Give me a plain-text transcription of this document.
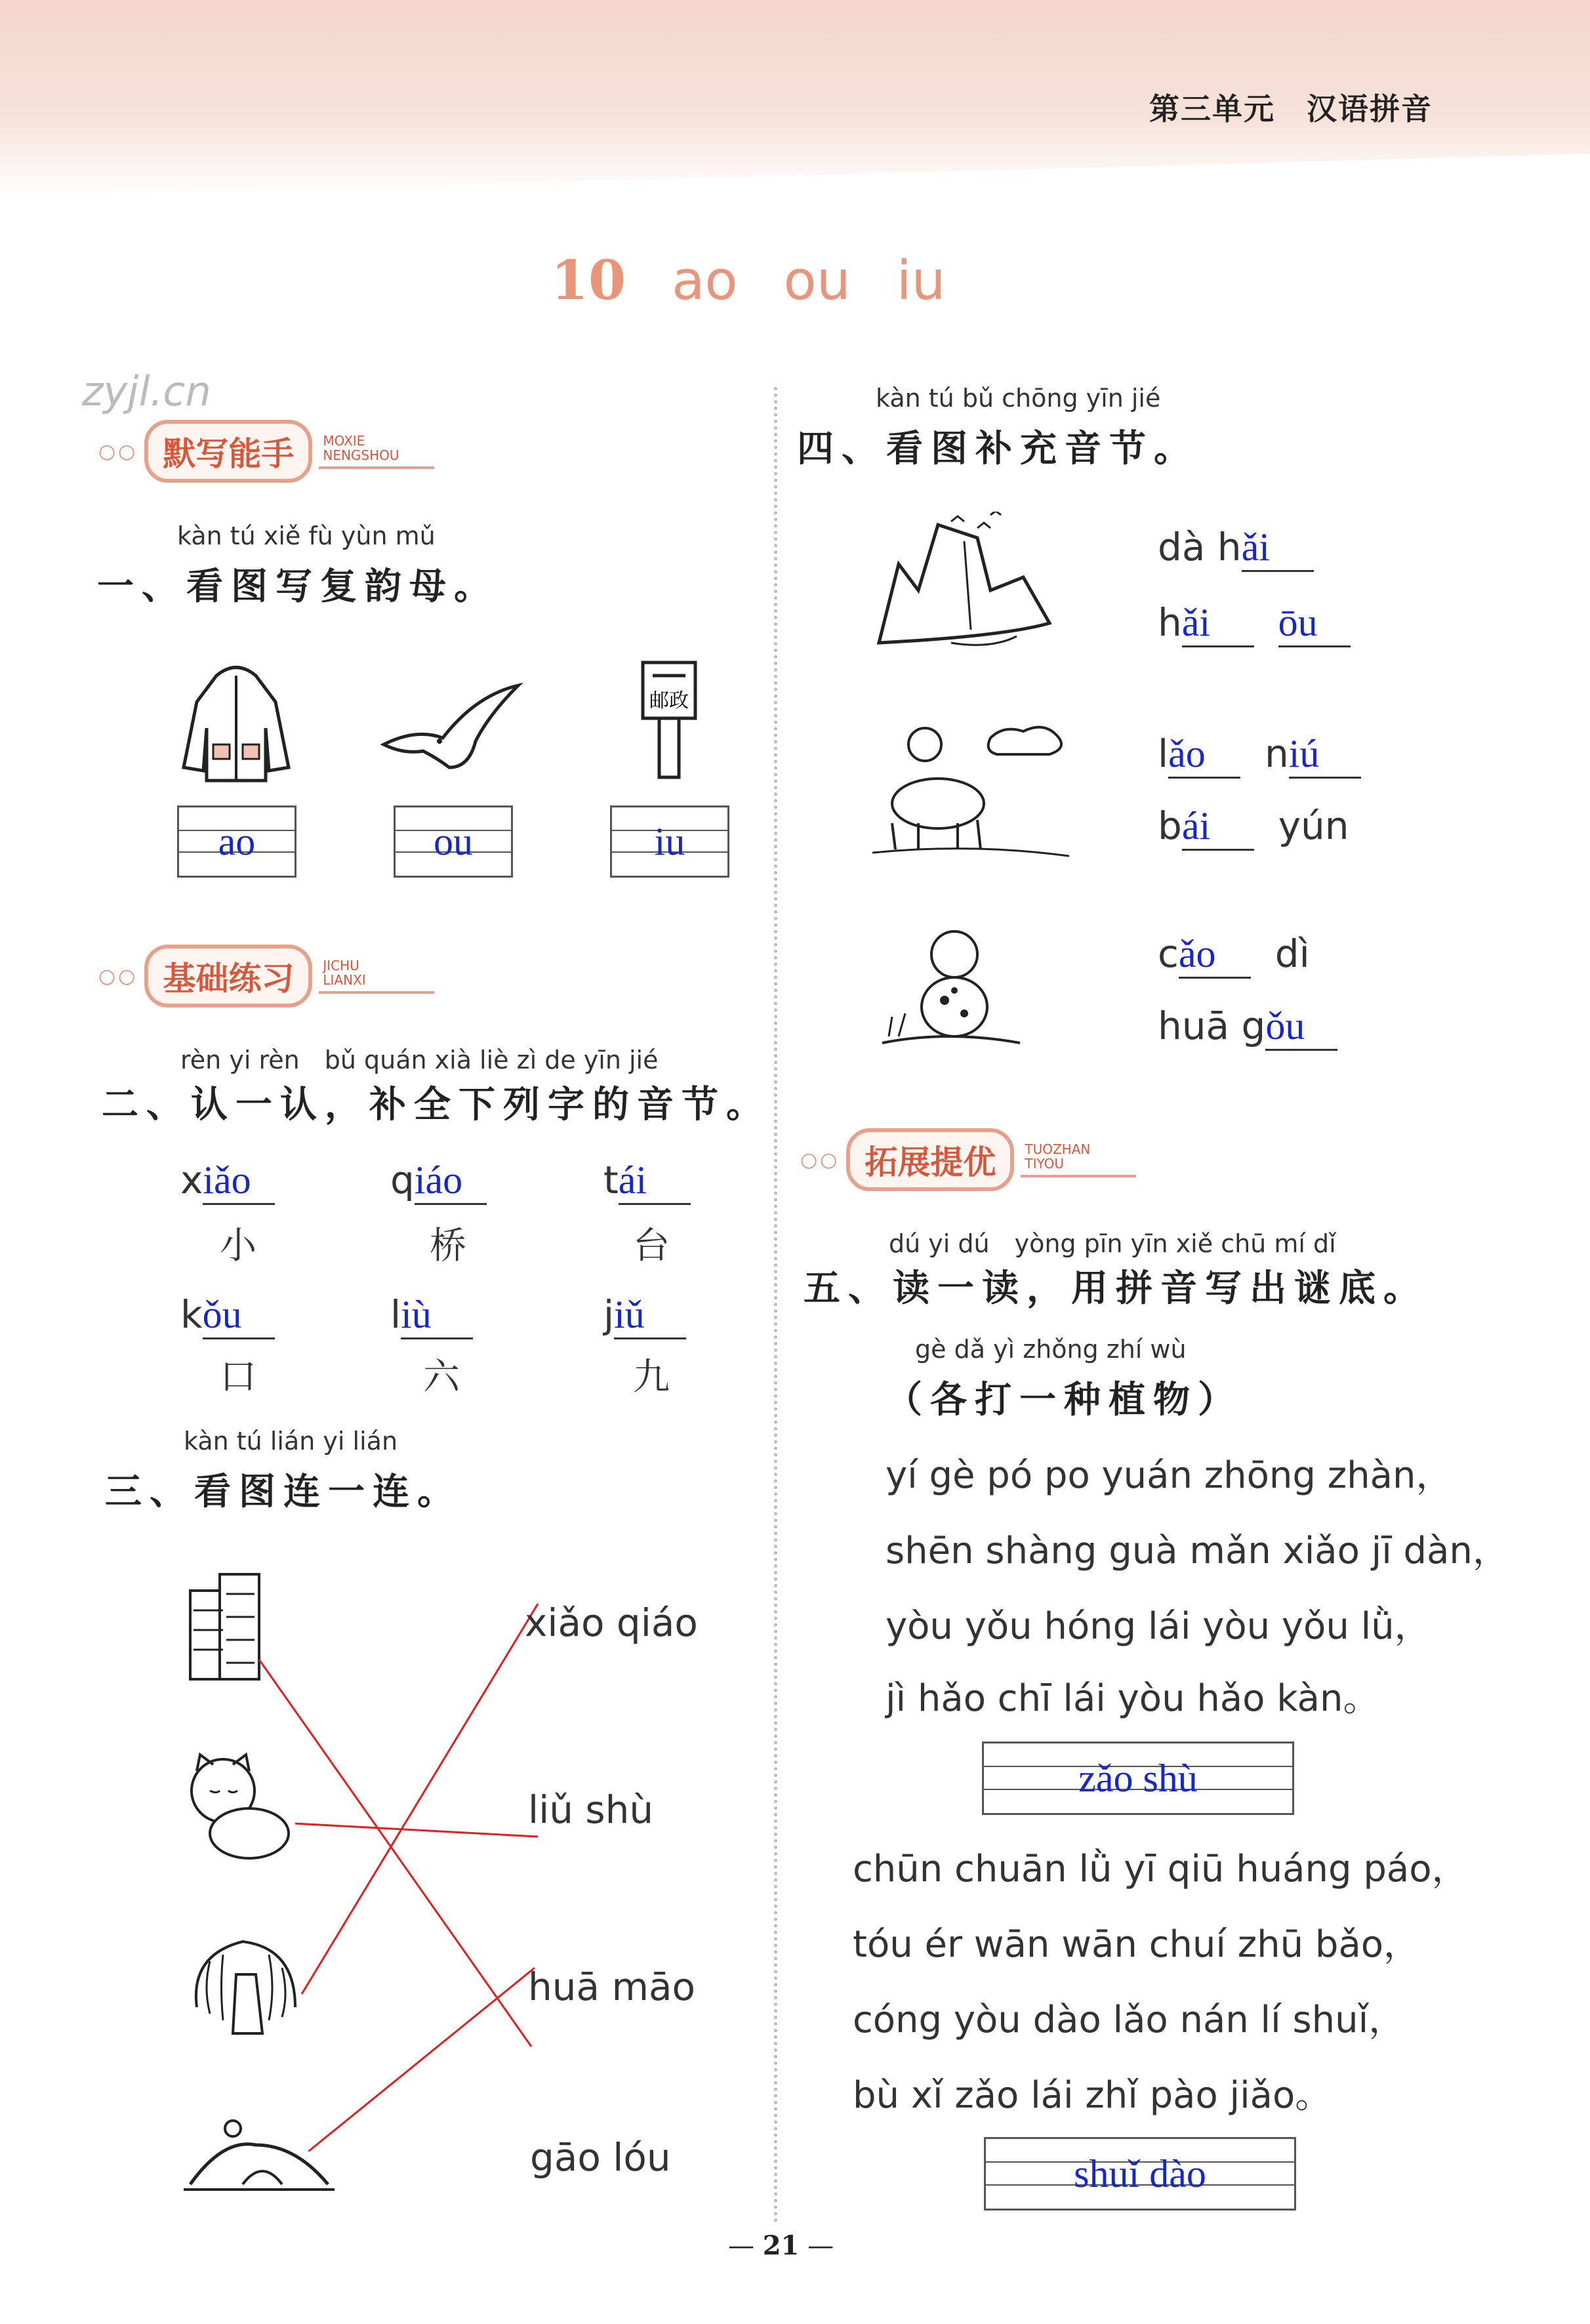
第三单元　汉语拼音
10 ao ou iu
zyjl.cn
○○ 默写能手	MOXIE
NENGSHOU
kàn tú xiě fù yùn mǔ
一、看图写复韵母。
邮政
ao	ou	iu
○○ 基础练习	JICHU
LIANXI
rèn yi rèn　bǔ quán xià liè zì de yīn jié
二、认一认，补全下列字的音节。
xiǎo
小
qiáo
桥
tái
台
kǒu
口
liù
六
jiǔ
九
kàn tú lián yi lián
三、看图连一连。
xiǎo qiáo
liǔ shù
huā māo
gāo lóu
kàn tú bǔ chōng yīn jié
四、看图补充音节。
dà hǎi
hǎi ōu
lǎo niú
bái yún
cǎo dì
huā gǒu
○○ 拓展提优	TUOZHAN
TIYOU
dú yi dú　yòng pīn yīn xiě chū mí dǐ
五、读一读，用拼音写出谜底。
gè dǎ yì zhǒng zhí wù
（各打一种植物）
yí gè pó po yuán zhōng zhàn，
shēn shàng guà mǎn xiǎo jī dàn，
yòu yǒu hóng lái yòu yǒu lǜ，
jì hǎo chī lái yòu hǎo kàn。
zǎo shù
chūn chuān lǜ yī qiū huáng páo，
tóu ér wān wān chuí zhū bǎo，
cóng yòu dào lǎo nán lí shuǐ，
bù xǐ zǎo lái zhǐ pào jiǎo。
shuǐ dào
— 21 —
